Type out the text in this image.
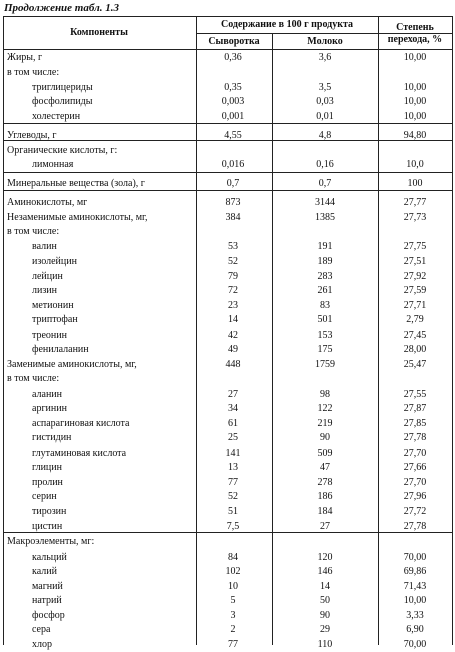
Продолжение табл. 1.3
Компоненты
Содержание в 100 г продукта
Сыворотка	Молоко
Степень
перехода, %
Жиры, г	0,36	3,6	10,00
в том числе:
триглицериды	0,35	3,5	10,00
фосфолипиды	0,003	0,03	10,00
холестерин	0,001	0,01	10,00
Углеводы, г	4,55	4,8	94,80
Органические кислоты, г:
лимонная	0,016	0,16	10,0
Минеральные вещества (зола), г	0,7	0,7	100
Аминокислоты, мг	873	3144	27,77
Незаменимые аминокислоты, мг,	384	1385	27,73
в том числе:
валин	53	191	27,75
изолейцин	52	189	27,51
лейцин	79	283	27,92
лизин	72	261	27,59
метионин	23	83	27,71
триптофан	14	501	2,79
треонин	42	153	27,45
фенилаланин	49	175	28,00
Заменимые аминокислоты, мг,	448	1759	25,47
в том числе:
аланин	27	98	27,55
аргинин	34	122	27,87
аспарагиновая кислота	61	219	27,85
гистидин	25	90	27,78
глутаминовая кислота	141	509	27,70
глицин	13	47	27,66
пролин	77	278	27,70
серин	52	186	27,96
тирозин	51	184	27,72
цистин	7,5	27	27,78
Макроэлементы, мг:
кальций	84	120	70,00
калий	102	146	69,86
магний	10	14	71,43
натрий	5	50	10,00
фосфор	3	90	3,33
сера	2	29	6,90
хлор	77	110	70,00
